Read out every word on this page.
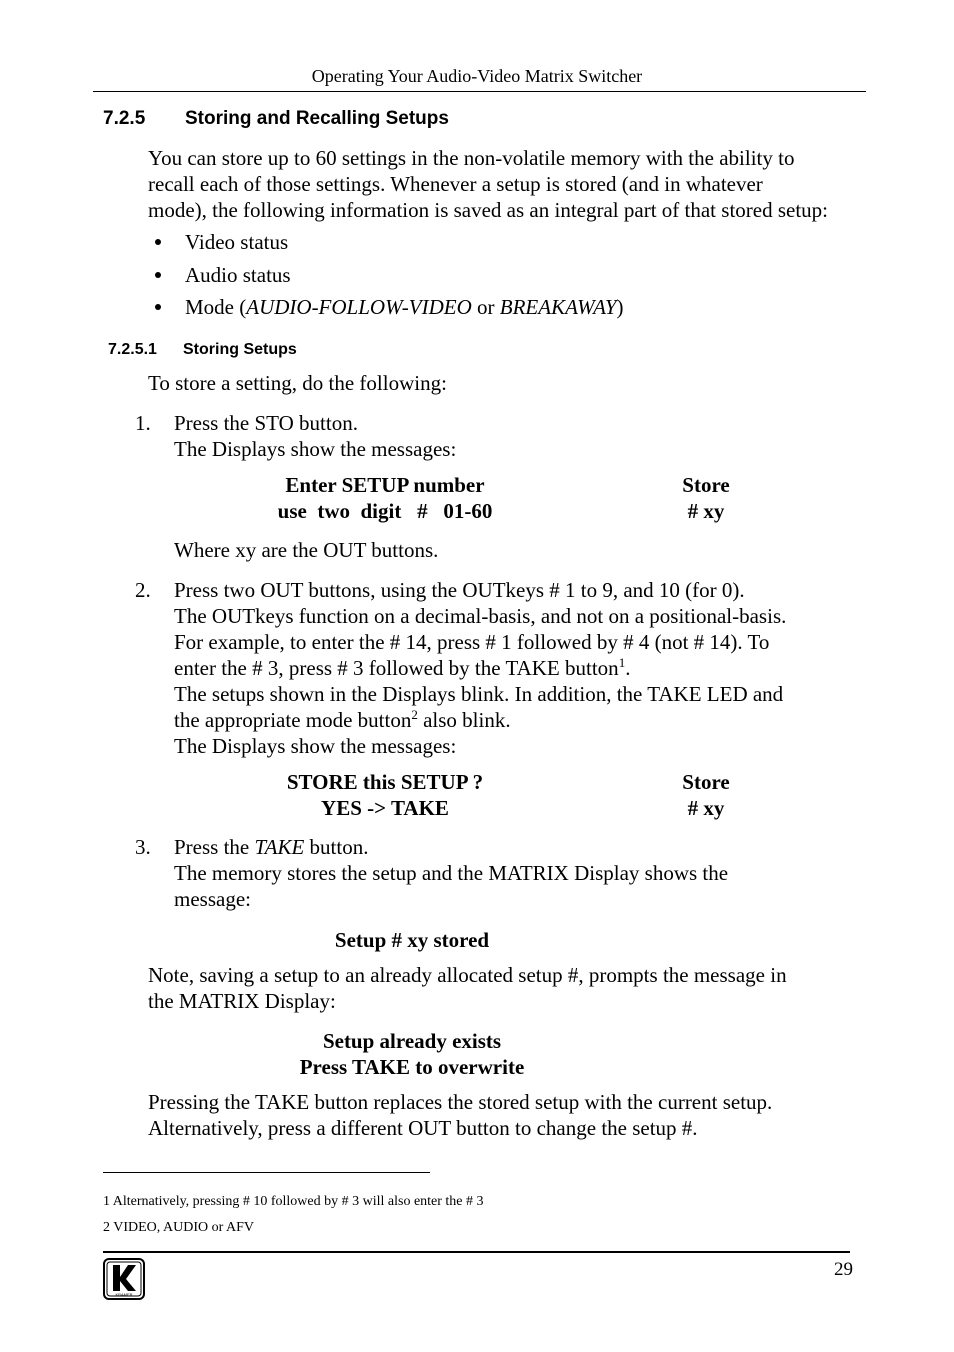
Operating Your Audio-Video Matrix Switcher
7.2.5 Storing and Recalling Setups
You can store up to 60 settings in the non-volatile memory with the ability to
recall each of those settings. Whenever a setup is stored (and in whatever
mode), the following information is saved as an integral part of that stored setup:
Video status
Audio status
Mode (AUDIO-FOLLOW-VIDEO or BREAKAWAY)
7.2.5.1 Storing Setups
To store a setting, do the following:
1. Press the STO button.
The Displays show the messages:
Enter SETUP number
use  two  digit   #   01-60
Store
# xy
Where xy are the OUT buttons.
2. Press two OUT buttons, using the OUTkeys # 1 to 9, and 10 (for 0).
The OUTkeys function on a decimal-basis, and not on a positional-basis.
For example, to enter the # 14, press # 1 followed by # 4 (not # 14). To
enter the # 3, press # 3 followed by the TAKE button$^1$.
The setups shown in the Displays blink. In addition, the TAKE LED and
the appropriate mode button$^2$ also blink.
The Displays show the messages:
STORE this SETUP ?
YES -> TAKE
Store
# xy
3. Press the TAKE button.
The memory stores the setup and the MATRIX Display shows the
message:
Setup # xy stored
Note, saving a setup to an already allocated setup #, prompts the message in
the MATRIX Display:
Setup already exists
Press TAKE to overwrite
Pressing the TAKE button replaces the stored setup with the current setup.
Alternatively, press a different OUT button to change the setup #.
1 Alternatively, pressing # 10 followed by # 3 will also enter the # 3
2 VIDEO, AUDIO or AFV
29
KRAMER
